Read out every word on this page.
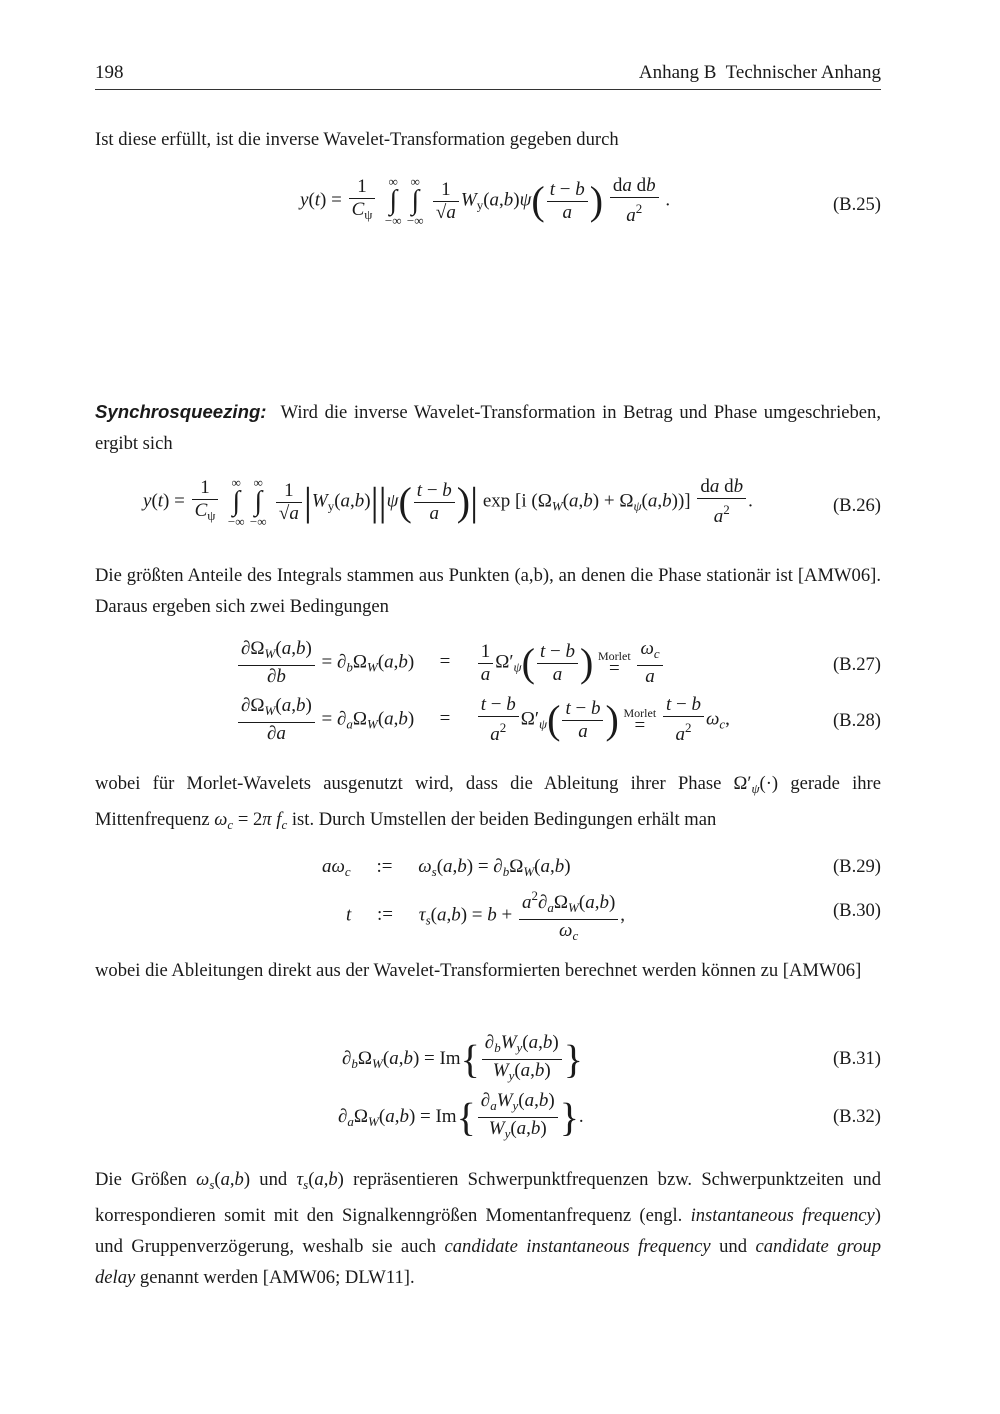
198	Anhang B  Technischer Anhang
Ist diese erfüllt, ist die inverse Wavelet-Transformation gegeben durch
$y(t) = \frac{1}{C_\psi}$ ∞
∫
−∞∞
∫
−∞ $\frac{1}{√a} W_y(a,b)\psi( \frac{t - b}{a}$ ) $\frac{\text{da db}}{a^2}$ .	(B.25)
Synchrosqueezing: Wird die inverse Wavelet-Transformation in Betrag und Phase umgeschrieben, ergibt sich
$y(t) = \frac{1}{C_\psi}$ ∞
∫
−∞∞
∫
−∞ $\frac{1}{√a} |W_y(a,b)||\psi( \frac{t - b}{a}$ )| exp [i $(\Omega_W(a,b) + \Omega_\psi(a,b))] \frac{\text{da db}}{a^2}$ .	(B.26)
Die größten Anteile des Integrals stammen aus Punkten (a,b), an denen die Phase stationär ist [AMW06]. Daraus ergeben sich zwei Bedingungen
$\frac{\partial\Omega_W(a,b)}{\partial b} = \partial_b\Omega_W(a,b) = \frac{1}{a} \Omega'_\psi( \frac{t - b}{a}$ ) Morlet
=
$\frac{\omega_c}{a}$	(B.27)
$\frac{\partial\Omega_W(a,b)}{\partial a} = \partial_a\Omega_W(a,b) = \frac{t - b}{a^2} \Omega'_\psi( \frac{t - b}{a}$ ) Morlet
=
$\frac{t - b}{a^2} \omega_c$,	(B.28)
wobei für Morlet-Wavelets ausgenutzt wird, dass die Ableitung ihrer Phase $\Omega'_\psi(\cdot)$ gerade ihre Mittenfrequenz $\omega_c = 2\pi$ $f_c$ ist. Durch Umstellen der beiden Bedingungen erhält man
$a\omega_c$ := $\omega_s(a,b) = \partial_b\Omega_W(a,b)$	(B.29)
t := $\tau_s(a,b) = b + \frac{a^2\partial_a\Omega_W(a,b)}{\omega_c}$ ,	(B.30)
wobei die Ableitungen direkt aus der Wavelet-Transformierten berechnet werden können zu [AMW06]
$\partial_b\Omega_W(a,b) = Im\{ \frac{\partial_bW_y(a,b)}{W_y(a,b)}$ }	(B.31)
$\partial_a\Omega_W(a,b) = Im\{ \frac{\partial_aW_y(a,b)}{W_y(a,b)}$ }.	(B.32)
Die Größen $\omega_s(a,b)$ und $\tau_s(a,b)$ repräsentieren Schwerpunktfrequenzen bzw. Schwerpunktzeiten und korrespondieren somit mit den Signalkenngrößen Momentanfrequenz (engl. instantaneous frequency) und Gruppenverzögerung, weshalb sie auch candidate instantaneous frequency und candidate group delay genannt werden [AMW06; DLW11].
